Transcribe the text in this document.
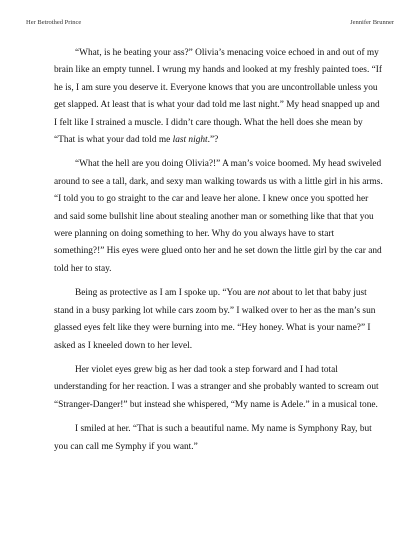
Her Betrothed Prince	Jennifer Brunner

“What, is he beating your ass?” Olivia’s menacing voice echoed in and out of my brain like an empty tunnel. I wrung my hands and looked at my freshly painted toes. “If he is, I am sure you deserve it. Everyone knows that you are uncontrollable unless you get slapped. At least that is what your dad told me last night.” My head snapped up and I felt like I strained a muscle. I didn’t care though. What the hell does she mean by “That is what your dad told me last night.”?

“What the hell are you doing Olivia?!” A man’s voice boomed. My head swiveled around to see a tall, dark, and sexy man walking towards us with a little girl in his arms. “I told you to go straight to the car and leave her alone. I knew once you spotted her and said some bullshit line about stealing another man or something like that that you were planning on doing something to her. Why do you always have to start something?!” His eyes were glued onto her and he set down the little girl by the car and told her to stay.

Being as protective as I am I spoke up. “You are not about to let that baby just stand in a busy parking lot while cars zoom by.” I walked over to her as the man’s sun glassed eyes felt like they were burning into me. “Hey honey. What is your name?” I asked as I kneeled down to her level.

Her violet eyes grew big as her dad took a step forward and I had total understanding for her reaction. I was a stranger and she probably wanted to scream out “Stranger-Danger!” but instead she whispered, “My name is Adele.” in a musical tone.

I smiled at her. “That is such a beautiful name. My name is Symphony Ray, but you can call me Symphy if you want.”
